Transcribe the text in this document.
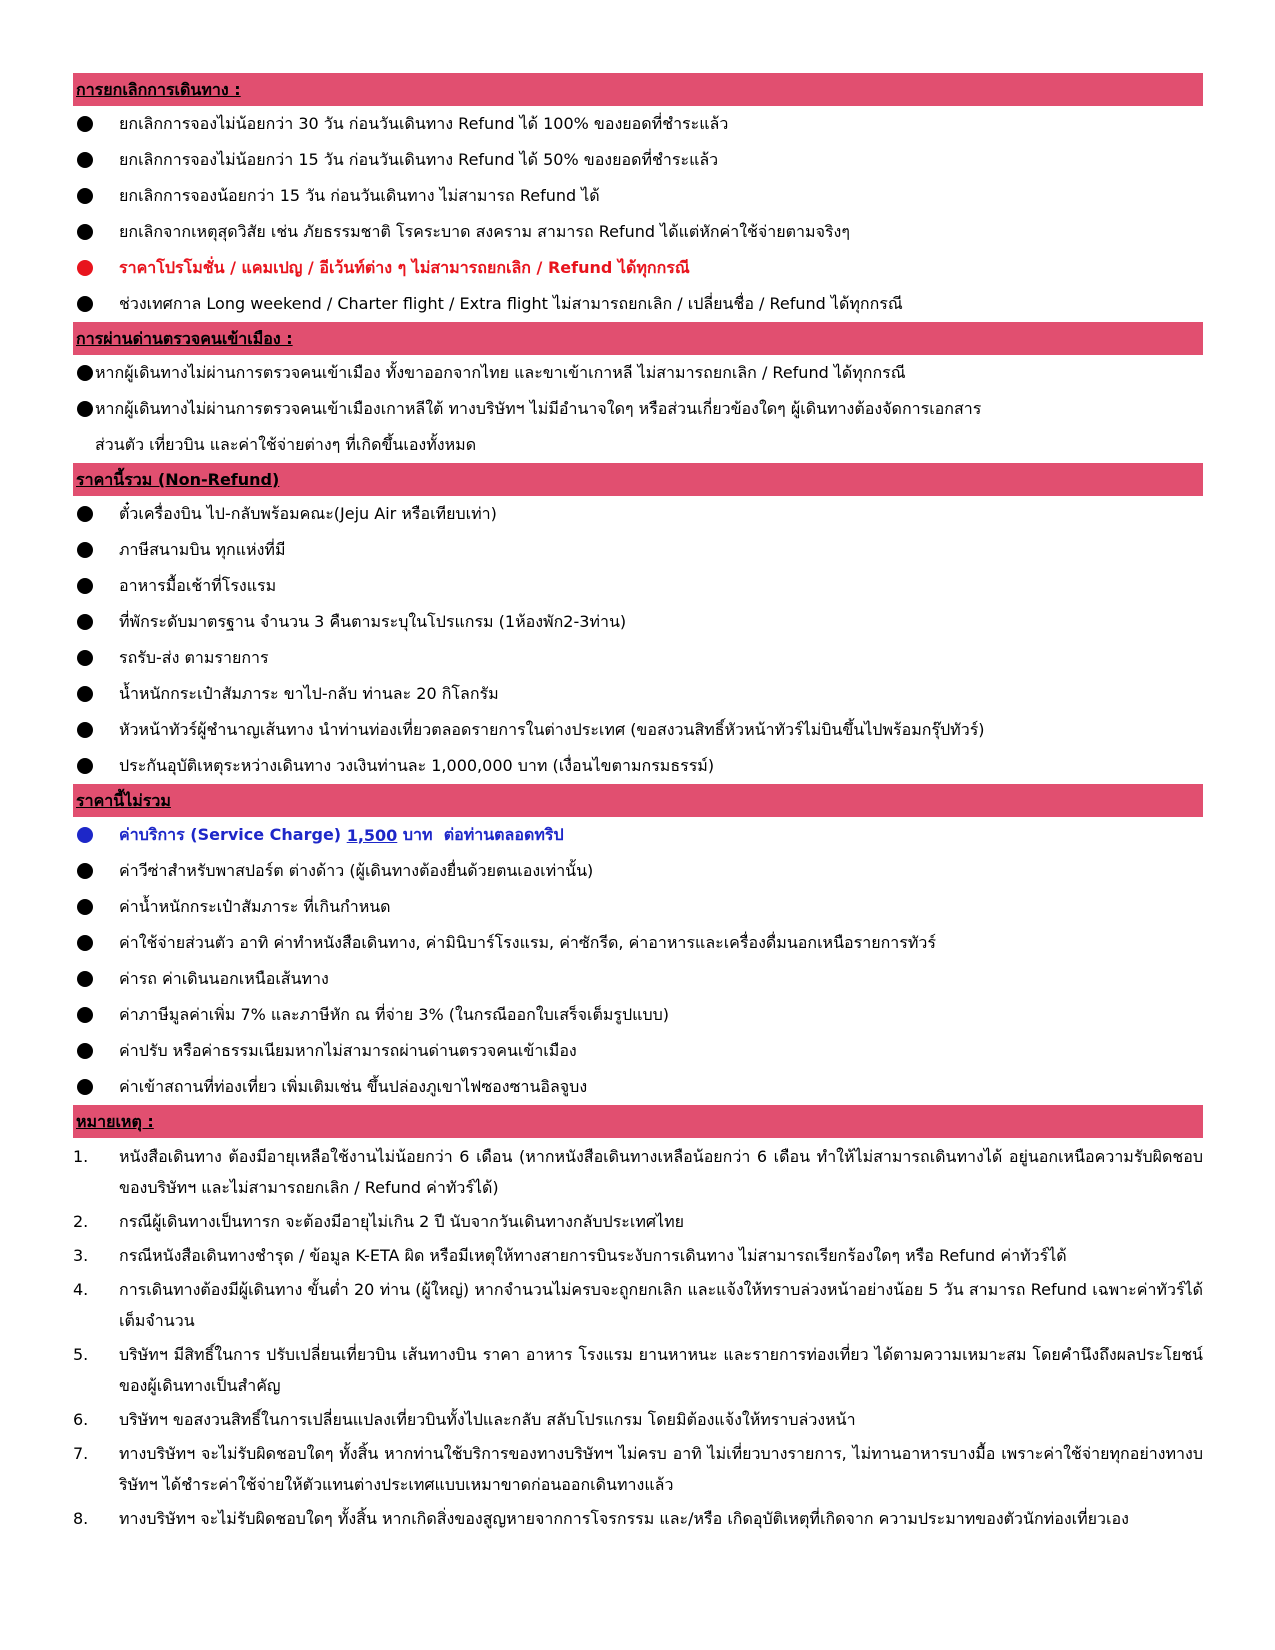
การยกเลิกการเดินทาง :
ยกเลิกการจองไม่น้อยกว่า 30 วัน ก่อนวันเดินทาง Refund ได้ 100% ของยอดที่ชำระแล้ว
ยกเลิกการจองไม่น้อยกว่า 15 วัน ก่อนวันเดินทาง Refund ได้ 50% ของยอดที่ชำระแล้ว
ยกเลิกการจองน้อยกว่า 15 วัน ก่อนวันเดินทาง ไม่สามารถ Refund ได้
ยกเลิกจากเหตุสุดวิสัย เช่น ภัยธรรมชาติ โรคระบาด สงคราม สามารถ Refund ได้แต่หักค่าใช้จ่ายตามจริงๆ
ราคาโปรโมชั่น / แคมเปญ / อีเว้นท์ต่าง ๆ ไม่สามารถยกเลิก / Refund ได้ทุกกรณี
ช่วงเทศกาล Long weekend / Charter flight / Extra flight ไม่สามารถยกเลิก / เปลี่ยนชื่อ / Refund ได้ทุกกรณี
การผ่านด่านตรวจคนเข้าเมือง :
หากผู้เดินทางไม่ผ่านการตรวจคนเข้าเมือง ทั้งขาออกจากไทย และขาเข้าเกาหลี ไม่สามารถยกเลิก / Refund ได้ทุกกรณี
หากผู้เดินทางไม่ผ่านการตรวจคนเข้าเมืองเกาหลีใต้ ทางบริษัทฯ ไม่มีอำนาจใดๆ หรือส่วนเกี่ยวข้องใดๆ ผู้เดินทางต้องจัดการเอกสาร
ส่วนตัว เที่ยวบิน และค่าใช้จ่ายต่างๆ ที่เกิดขึ้นเองทั้งหมด
ราคานี้รวม (Non-Refund)
ตั๋วเครื่องบิน ไป-กลับพร้อมคณะ(Jeju Air หรือเทียบเท่า)
ภาษีสนามบิน ทุกแห่งที่มี
อาหารมื้อเช้าที่โรงแรม
ที่พักระดับมาตรฐาน จำนวน 3 คืนตามระบุในโปรแกรม (1ห้องพัก2-3ท่าน)
รถรับ-ส่ง ตามรายการ
น้ำหนักกระเป๋าสัมภาระ ขาไป-กลับ ท่านละ 20 กิโลกรัม
หัวหน้าทัวร์ผู้ชำนาญเส้นทาง นำท่านท่องเที่ยวตลอดรายการในต่างประเทศ (ขอสงวนสิทธิ์หัวหน้าทัวร์ไม่บินขึ้นไปพร้อมกรุ๊ปทัวร์)
ประกันอุบัติเหตุระหว่างเดินทาง วงเงินท่านละ 1,000,000 บาท (เงื่อนไขตามกรมธรรม์)
ราคานี้ไม่รวม
ค่าบริการ (Service Charge) 1,500 บาท  ต่อท่านตลอดทริป
ค่าวีซ่าสำหรับพาสปอร์ต ต่างด้าว (ผู้เดินทางต้องยื่นด้วยตนเองเท่านั้น)
ค่าน้ำหนักกระเป๋าสัมภาระ ที่เกินกำหนด
ค่าใช้จ่ายส่วนตัว อาทิ ค่าทำหนังสือเดินทาง, ค่ามินิบาร์โรงแรม, ค่าซักรีด, ค่าอาหารและเครื่องดื่มนอกเหนือรายการทัวร์
ค่ารถ ค่าเดินนอกเหนือเส้นทาง
ค่าภาษีมูลค่าเพิ่ม 7% และภาษีหัก ณ ที่จ่าย 3% (ในกรณีออกใบเสร็จเต็มรูปแบบ)
ค่าปรับ หรือค่าธรรมเนียมหากไม่สามารถผ่านด่านตรวจคนเข้าเมือง
ค่าเข้าสถานที่ท่องเที่ยว เพิ่มเติมเช่น ขึ้นปล่องภูเขาไฟซองซานอิลจูบง
หมายเหตุ :
1. หนังสือเดินทาง ต้องมีอายุเหลือใช้งานไม่น้อยกว่า 6 เดือน (หากหนังสือเดินทางเหลือน้อยกว่า 6 เดือน ทำให้ไม่สามารถเดินทางได้ อยู่นอกเหนือความรับผิดชอบของบริษัทฯ และไม่สามารถยกเลิก / Refund ค่าทัวร์ได้)
2. กรณีผู้เดินทางเป็นทารก จะต้องมีอายุไม่เกิน 2 ปี นับจากวันเดินทางกลับประเทศไทย
3. กรณีหนังสือเดินทางชำรุด / ข้อมูล K-ETA ผิด หรือมีเหตุให้ทางสายการบินระงับการเดินทาง ไม่สามารถเรียกร้องใดๆ หรือ Refund ค่าทัวร์ได้
4. การเดินทางต้องมีผู้เดินทาง ขั้นต่ำ 20 ท่าน (ผู้ใหญ่) หากจำนวนไม่ครบจะถูกยกเลิก และแจ้งให้ทราบล่วงหน้าอย่างน้อย 5 วัน สามารถ Refund เฉพาะค่าทัวร์ได้เต็มจำนวน
5. บริษัทฯ มีสิทธิ์ในการ ปรับเปลี่ยนเที่ยวบิน เส้นทางบิน ราคา อาหาร โรงแรม ยานหาหนะ และรายการท่องเที่ยว ได้ตามความเหมาะสม โดยคำนึงถึงผลประโยชน์ของผู้เดินทางเป็นสำคัญ
6. บริษัทฯ ขอสงวนสิทธิ์ในการเปลี่ยนแปลงเที่ยวบินทั้งไปและกลับ สลับโปรแกรม โดยมิต้องแจ้งให้ทราบล่วงหน้า
7. ทางบริษัทฯ จะไม่รับผิดชอบใดๆ ทั้งสิ้น หากท่านใช้บริการของทางบริษัทฯ ไม่ครบ อาทิ ไม่เที่ยวบางรายการ, ไม่ทานอาหารบางมื้อ เพราะค่าใช้จ่ายทุกอย่างทางบริษัทฯ ได้ชำระค่าใช้จ่ายให้ตัวแทนต่างประเทศแบบเหมาขาดก่อนออกเดินทางแล้ว
8. ทางบริษัทฯ จะไม่รับผิดชอบใดๆ ทั้งสิ้น หากเกิดสิ่งของสูญหายจากการโจรกรรม และ/หรือ เกิดอุบัติเหตุที่เกิดจาก ความประมาทของตัวนักท่องเที่ยวเอง
